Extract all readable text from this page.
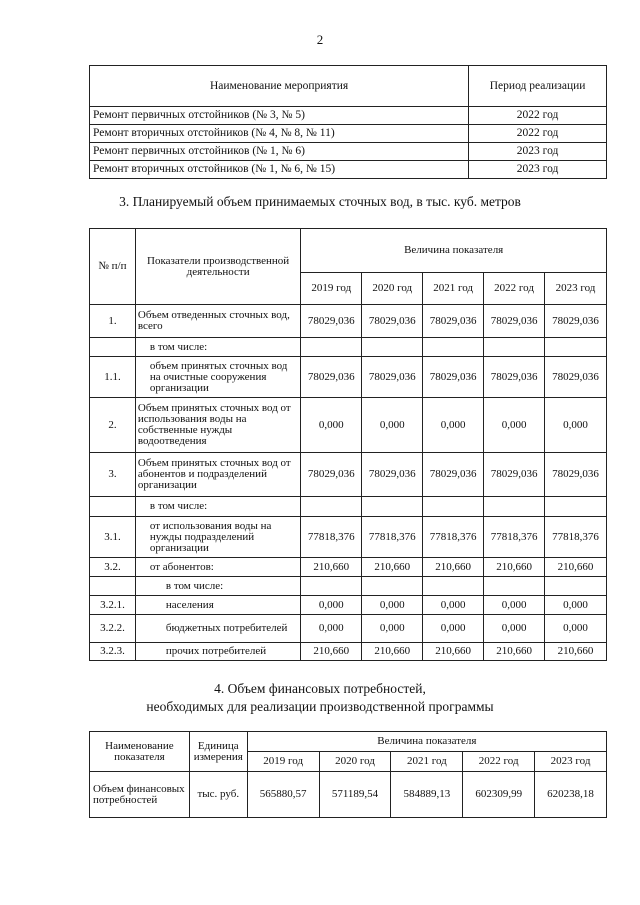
2
Наименование мероприятия	Период реализации
Ремонт первичных отстойников (№ 3, № 5)	2022 год
Ремонт вторичных отстойников (№ 4, № 8, № 11)	2022 год
Ремонт первичных отстойников (№ 1, № 6)	2023 год
Ремонт вторичных отстойников (№ 1, № 6, № 15)	2023 год
3. Планируемый объем принимаемых сточных вод, в тыс. куб. метров
№ п/п	Показатели производственной деятельности	Величина показателя				
		2019 год	2020 год	2021 год	2022 год	2023 год
1.	Объем отведенных сточных вод, всего	78029,036	78029,036	78029,036	78029,036	78029,036
	в том числе:					
1.1.	объем принятых сточных вод на очистные сооружения организации	78029,036	78029,036	78029,036	78029,036	78029,036
2.	Объем принятых сточных вод от использования воды на собственные нужды водоотведения	0,000	0,000	0,000	0,000	0,000
3.	Объем принятых сточных вод от абонентов и подразделений организации	78029,036	78029,036	78029,036	78029,036	78029,036
	в том числе:					
3.1.	от использования воды на нужды подразделений организации	77818,376	77818,376	77818,376	77818,376	77818,376
3.2.	от абонентов:	210,660	210,660	210,660	210,660	210,660
	в том числе:					
3.2.1.	населения	0,000	0,000	0,000	0,000	0,000
3.2.2.	бюджетных потребителей	0,000	0,000	0,000	0,000	0,000
3.2.3.	прочих потребителей	210,660	210,660	210,660	210,660	210,660
4. Объем финансовых потребностей,
необходимых для реализации производственной программы
Наименование показателя	Единица измерения	Величина показателя				
		2019 год	2020 год	2021 год	2022 год	2023 год
Объем финансовых потребностей	тыс. руб.	565880,57	571189,54	584889,13	602309,99	620238,18
